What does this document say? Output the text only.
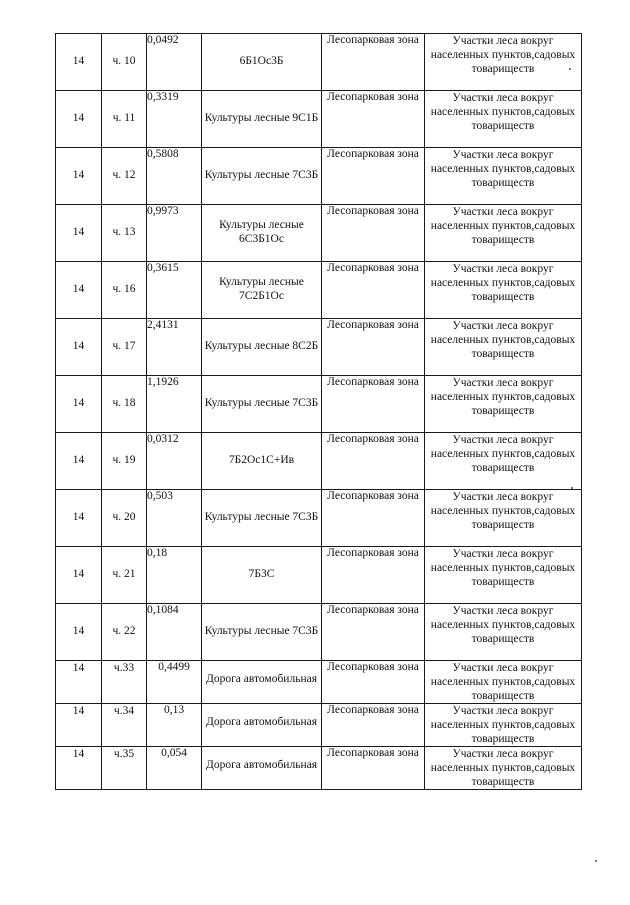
14	ч. 10	0,0492	6Б1Ос3Б	Лесопарковая зона	Участки леса вокруг населенных пунктов,садовых товариществ
14	ч. 11	0,3319	Культуры лесные 9С1Б	Лесопарковая зона	Участки леса вокруг населенных пунктов,садовых товариществ
14	ч. 12	0,5808	Культуры лесные 7С3Б	Лесопарковая зона	Участки леса вокруг населенных пунктов,садовых товариществ
14	ч. 13	0,9973	Культуры лесные 6С3Б1Ос	Лесопарковая зона	Участки леса вокруг населенных пунктов,садовых товариществ
14	ч. 16	0,3615	Культуры лесные 7С2Б1Ос	Лесопарковая зона	Участки леса вокруг населенных пунктов,садовых товариществ
14	ч. 17	2,4131	Культуры лесные 8С2Б	Лесопарковая зона	Участки леса вокруг населенных пунктов,садовых товариществ
14	ч. 18	1,1926	Культуры лесные 7С3Б	Лесопарковая зона	Участки леса вокруг населенных пунктов,садовых товариществ
14	ч. 19	0,0312	7Б2Ос1С+Ив	Лесопарковая зона	Участки леса вокруг населенных пунктов,садовых товариществ
14	ч. 20	0,503	Культуры лесные 7С3Б	Лесопарковая зона	Участки леса вокруг населенных пунктов,садовых товариществ
14	ч. 21	0,18	7Б3С	Лесопарковая зона	Участки леса вокруг населенных пунктов,садовых товариществ
14	ч. 22	0,1084	Культуры лесные 7С3Б	Лесопарковая зона	Участки леса вокруг населенных пунктов,садовых товариществ
14	ч.33	0,4499	Дорога автомобильная	Лесопарковая зона	Участки леса вокруг населенных пунктов,садовых товариществ
14	ч.34	0,13	Дорога автомобильная	Лесопарковая зона	Участки леса вокруг населенных пунктов,садовых товариществ
14	ч.35	0,054	Дорога автомобильная	Лесопарковая зона	Участки леса вокруг населенных пунктов,садовых товариществ
